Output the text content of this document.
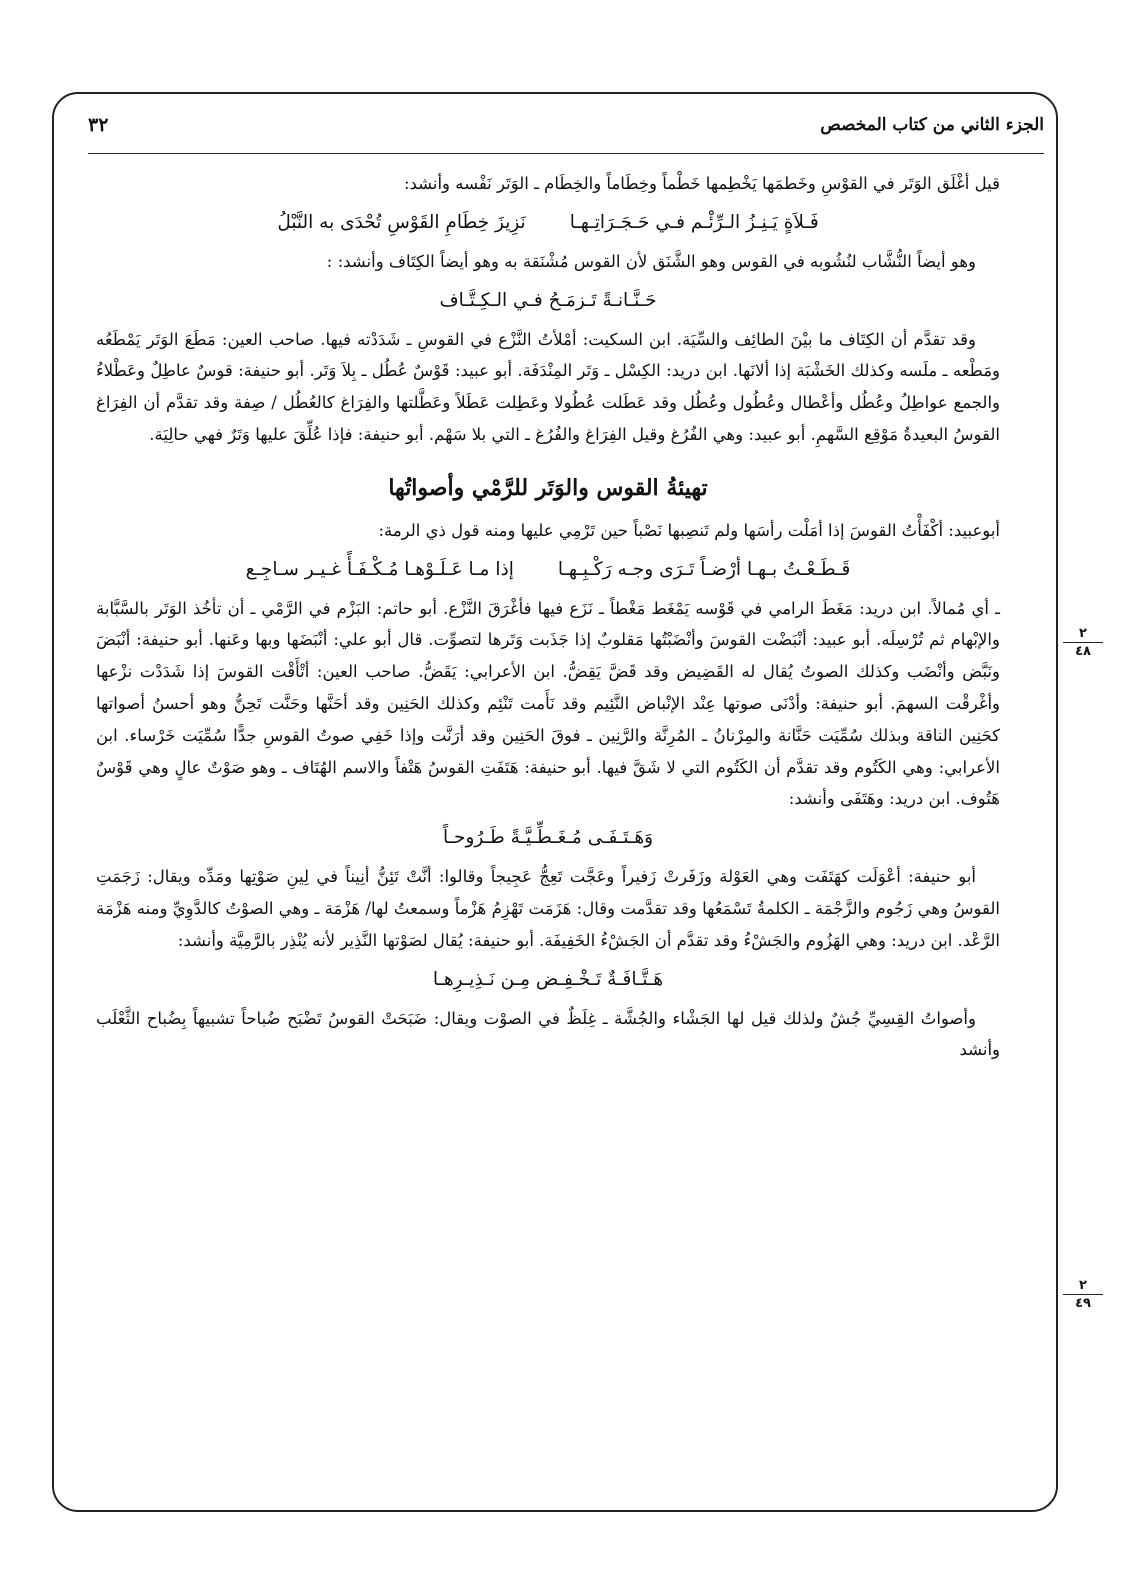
٣٢	الجزء الثاني من كتاب المخصص
٢
٤٨
٢
٤٩

قيل أغْلَق الوَتَر في القوْسِ وخَطمَها يَخْطِمها خَطْماً وخِطَاماً والخِطَام ـ الوَتَر نَفْسه وأنشد:

فَـلاَةٍ يَـنِـزُ الـرِّئْـم فـي حَـجَـرَاتِـهـا
نَزِيزَ خِطَامِ القَوْسِ تُحْدَى به النَّبْلُ

وهو أيضاً النُّشَّاب لنُشُوبه في القوس وهو الشَّنَق لأن القوس مُشْنَقة به وهو أيضاً الكِتَاف وأنشد: :

حَـنَّـانـةً تَـزمَـحُ فـي الـكِـتَّـاف

وقد تقدَّم أن الكِتَاف ما بيْنَ الطائِف والسِّيَة. ابن السكيت: أمْلأتُ النَّزْع في القوسِ ـ شَدَدْته فيها. صاحب العين: مَطَعَ الوَتَر يَمْطَعُه ومَطْعه ـ ملَسه وكذلك الخَشْبَة إذا ألانَها. ابن دريد: الكِسْل ـ وَتَر المِنْدَفَة. أبو عبيد: قَوْسٌ عُطُل ـ بِلاَ وَتَر. أبو حنيفة: قوسٌ عاطِلٌ وعَطْلاءُ والجمع عواطِلُ وعُطُل وأعْطال وعُطُول وعُطُل وقد عَطَلت عُطُولا وعَطِلت عَطَلاً وعَطَّلتها والفِرَاغ كالعُطُل / صِفة وقد تقدَّم أن الفِرَاغ القوسُ البعيدةُ مَوْقِع السَّهمِ. أبو عبيد: وهي الفُرُغ وقيل الفِرَاغ والفُرُغ ـ التي بلا سَهْم. أبو حنيفة: فإذا عُلِّقَ عليها وَتَرٌ فهي حالِيَة.

تهيئةُ القوس والوَتَر للرَّمْي وأصواتُها

أبوعبيد: أكْفَأْتُ القوسَ إذا أمَلْت رأسَها ولم تَنصِبها نَصْباً حين تَرْمِي عليها ومنه قول ذي الرمة:

قَـطَـعْـتُ بـهـا أرْضـاً تَـرَى وجـه رَكْـبِـهـا
إذا مـا عَـلَـوْهـا مُـكْـفَـأً غـيـر سـاجِـع

ـ أي مُمالاً. ابن دريد: مَغَطَ الرامي في قَوْسه يَمْغَط مَغْطاً ـ نَزَع فيها فأغْرَقَ النَّزْع. أبو حاتم: البَزْم في الرَّمْي ـ أن تأخُذ الوَتَر بالسَّبَّابة والإبْهام ثم تُرْسِلَه. أبو عبيد: أنْبَضْت القوسَ وأنْضَبْتُها مَقلوبٌ إذا جَذَبت وَتَرها لتصوِّت. قال أبو علي: أنْبَضَها وبها وعَنها. أبو حنيفة: أنْبَضَ ونَبَّض وأنْضَب وكذلك الصوتُ يُقال له القَضِيض وقد قَضَّ يَقِضُّ. ابن الأعرابي: يَقَضُّ. صاحب العين: أتْأَقْت القوسَ إذا شَدَدْت نزْعها وأغْرقْت السهمَ. أبو حنيفة: وأدْنَى صوتها عِنْد الإنْباض النَّئِيم وقد نَأَمت تَنْئِم وكذلك الحَنِين وقد أحَنَّها وحَنَّت تَحِنُّ وهو أحسنُ أصواتها كحَنِين الناقة وبذلك سُمِّيَت حَنَّانة والمِرْنانُ ـ المُرِنَّة والرَّنِين ـ فوقَ الحَنِين وقد أرَنَّت وإذا خَفِي صوتُ القوسِ جدًّا سُمِّيَت خَرْساء. ابن الأعرابي: وهي الكَتُوم وقد تقدَّم أن الكَتُوم التي لا شَقَّ فيها. أبو حنيفة: هَتَفَتِ القوسُ هَتْفاً والاسم الهُتَاف ـ وهو صَوْتٌ عالٍ وهي قَوْسٌ هَتُوف. ابن دريد: وهَتَفَى وأنشد:

وَهَـتَـفَـى مُـغَـطِّـيَّـةً طَـرُوحـاً

أبو حنيفة: أعْوَلَت كهَتَفَت وهي العَوْلة وزَفَرتْ زَفيراً وعَجَّت تَعِجُّ عَجِيجاً وقالوا: أنَّتْ تَئِنُّ أنِيناً في لِينِ صَوْتِها ومَدِّه ويقال: زَجَمَتِ القوسُ وهي زَجُوم والزَّجْمَة ـ الكلمةُ تَسْمَعُها وقد تقدَّمت وقال: هَزَمَت تَهْزِمُ هَزْماً وسمعتُ لها/ هَزْمَة ـ وهي الصوْتُ كالدَّوِيِّ ومنه هَزْمَة الرَّعْد. ابن دريد: وهي الهَزُوم والجَشْءُ وقد تقدَّم أن الجَشْءُ الخَفِيفَة. أبو حنيفة: يُقال لصَوْتها النَّذِير لأنه يُنْذِر بالرَّمِيَّة وأنشد:

هَـتَّـافَـةٌ تَـخْـفِـض مِـن نَـذِيـرِهـا

وأصواتُ القِسِيِّ جُشٌ ولذلك قيل لها الجَشْاء والجُشَّة ـ غِلَظٌ في الصوْت ويقال: ضَبَحَتْ القوسُ تَضْبَح ضُباحاً تشبيهاً بِضُباح الثَّعْلَب وأنشد
